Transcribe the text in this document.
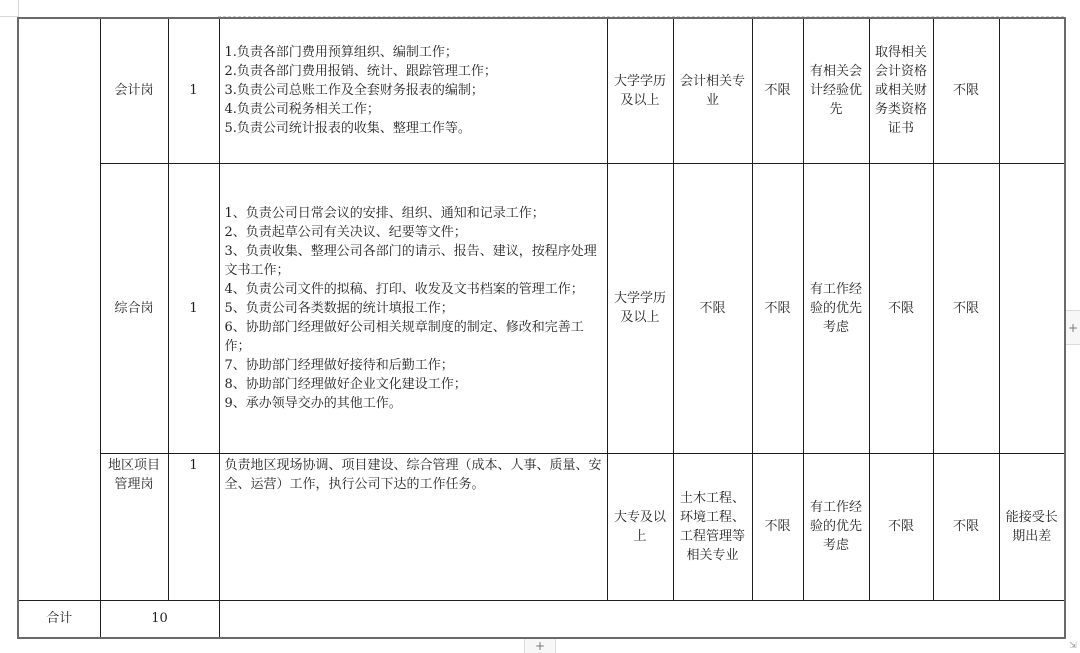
	会计岗	1	1.负责各部门费用预算组织、编制工作；
2.负责各部门费用报销、统计、跟踪管理工作；
3.负责公司总账工作及全套财务报表的编制；
4.负责公司税务相关工作；
5.负责公司统计报表的收集、整理工作等。	大学学历及以上	会计相关专业	不限	有相关会计经验优先	取得相关会计资格或相关财务类资格证书	不限	
综合岗	1	
1、负责公司日常会议的安排、组织、通知和记录工作；
2、负责起草公司有关决议、纪要等文件；
3、负责收集、整理公司各部门的请示、报告、建议，按程序处理文书工作；
4、负责公司文件的拟稿、打印、收发及文书档案的管理工作；
5、负责公司各类数据的统计填报工作；
6、协助部门经理做好公司相关规章制度的制定、修改和完善工作；
7、协助部门经理做好接待和后勤工作；
8、协助部门经理做好企业文化建设工作；
9、承办领导交办的其他工作。
	大学学历及以上	不限	不限	有工作经验的优先考虑	不限	不限	
	地区项目管理岗	1	负责地区现场协调、项目建设、综合管理（成本、人事、质量、安全、运营）工作，执行公司下达的工作任务。	大专及以上	土木工程、环境工程、工程管理等相关专业	不限	有工作经验的优先考虑	不限	不限	能接受长期出差
合计	10									
+
+	⇲
